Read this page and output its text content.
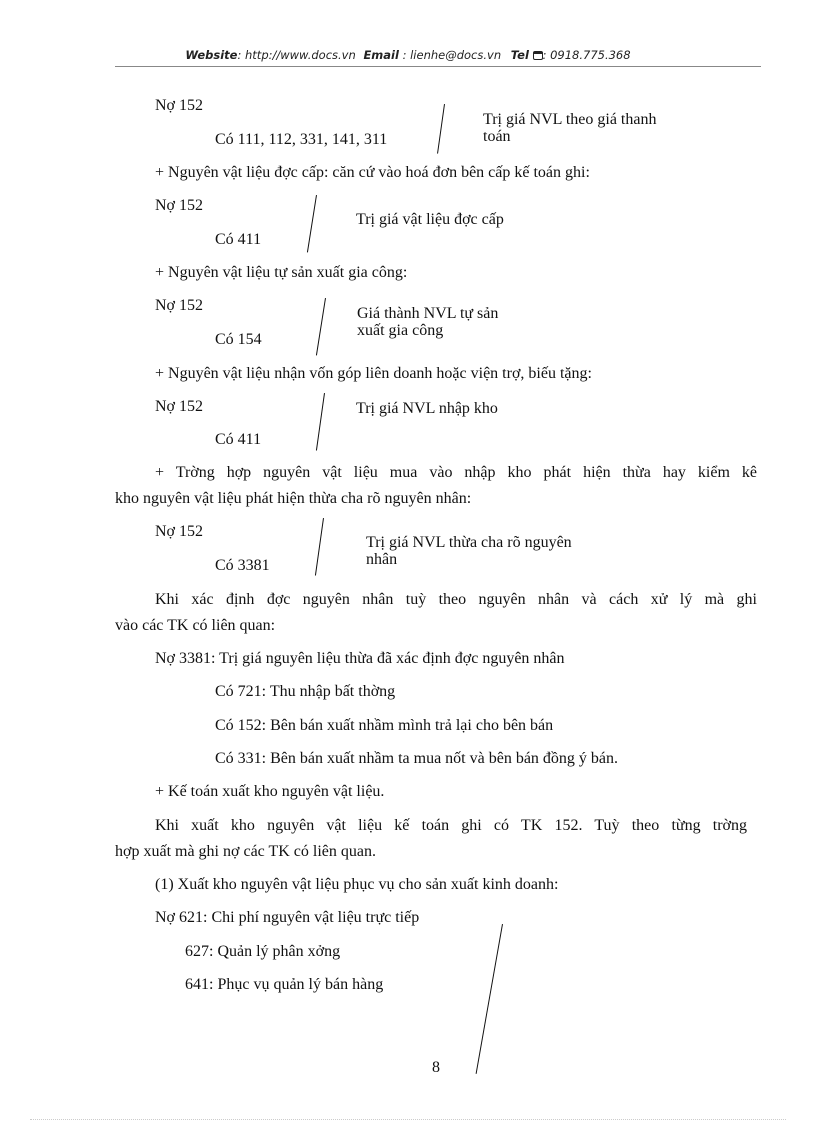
Website: http://www.docs.vn Email : lienhe@docs.vn Tel : 0918.775.368
Nợ 152
Có 111, 112, 331, 141, 311
Trị giá NVL theo giá thanh
toán
+ Nguyên vật liệu đợc cấp: căn cứ vào hoá đơn bên cấp kế toán ghi:
Nợ 152
Có 411
Trị giá vật liệu đợc cấp
+ Nguyên vật liệu tự sản xuất gia công:
Nợ 152
Có 154
Giá thành NVL tự sản
xuất gia công
+ Nguyên vật liệu nhận vốn góp liên doanh hoặc viện trợ, biếu tặng:
Nợ 152
Có 411
Trị giá NVL nhập kho
+ Trờng hợp nguyên vật liệu mua vào nhập kho phát hiện thừa hay kiểm kê
kho nguyên vật liệu phát hiện thừa cha rõ nguyên nhân:
Nợ 152
Có 3381
Trị giá NVL thừa cha rõ nguyên
nhân
Khi xác định đợc nguyên nhân tuỳ theo nguyên nhân và cách xử lý mà ghi
vào các TK có liên quan:
Nợ 3381: Trị giá nguyên liệu thừa đã xác định đợc nguyên nhân
Có 721: Thu nhập bất thờng
Có 152: Bên bán xuất nhầm mình trả lại cho bên bán
Có 331: Bên bán xuất nhầm ta mua nốt và bên bán đồng ý bán.
+ Kế toán xuất kho nguyên vật liệu.
Khi xuất kho nguyên vật liệu kế toán ghi có TK 152. Tuỳ theo từng trờng
hợp xuất mà ghi nợ các TK có liên quan.
(1) Xuất kho nguyên vật liệu phục vụ cho sản xuất kinh doanh:
Nợ 621: Chi phí nguyên vật liệu trực tiếp
627: Quản lý phân xởng
641: Phục vụ quản lý bán hàng
8
